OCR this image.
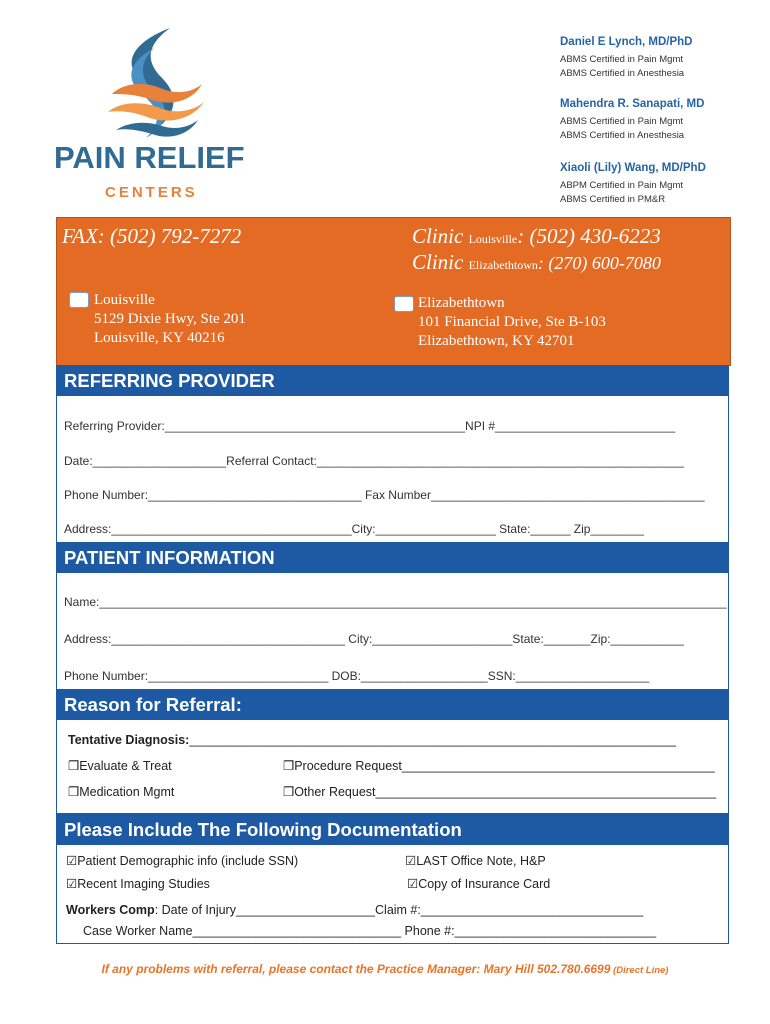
PAIN RELIEF
CENTERS
Daniel E Lynch, MD/PhD
ABMS Certified in Pain Mgmt
ABMS Certified in Anesthesia
Mahendra R. Sanapati, MD
ABMS Certified in Pain Mgmt
ABMS Certified in Anesthesia
Xiaoli (Lily) Wang, MD/PhD
ABPM Certified in Pain Mgmt
ABMS Certified in PM&R
FAX: (502) 792-7272	Clinic Louisville: (502) 430-6223
Clinic Elizabethtown: (270) 600-7080
Louisville
5129 Dixie Hwy, Ste 201
Louisville, KY 40216
Elizabethtown
101 Financial Drive, Ste B-103
Elizabethtown, KY 42701
REFERRING PROVIDER
Referring Provider:_____________________________________________NPI #___________________________
Date:____________________Referral Contact:_______________________________________________________
Phone Number:________________________________ Fax Number_________________________________________
Address:____________________________________City:__________________ State:______ Zip________
PATIENT INFORMATION
Name:______________________________________________________________________________________________
Address:___________________________________ City:_____________________State:_______Zip:___________
Phone Number:___________________________ DOB:___________________SSN:____________________
Reason for Referral:
Tentative Diagnosis:______________________________________________________________________
❒Evaluate & Treat	❒Procedure Request_____________________________________________
❒Medication Mgmt	❒Other Request_________________________________________________
Please Include The Following Documentation
☑Patient Demographic info (include SSN)	☑LAST Office Note, H&P
☑Recent Imaging Studies	☑Copy of Insurance Card
Workers Comp: Date of Injury____________________Claim #:________________________________
Case Worker Name______________________________ Phone #:_____________________________
If any problems with referral, please contact the Practice Manager: Mary Hill 502.780.6699 (Direct Line)
